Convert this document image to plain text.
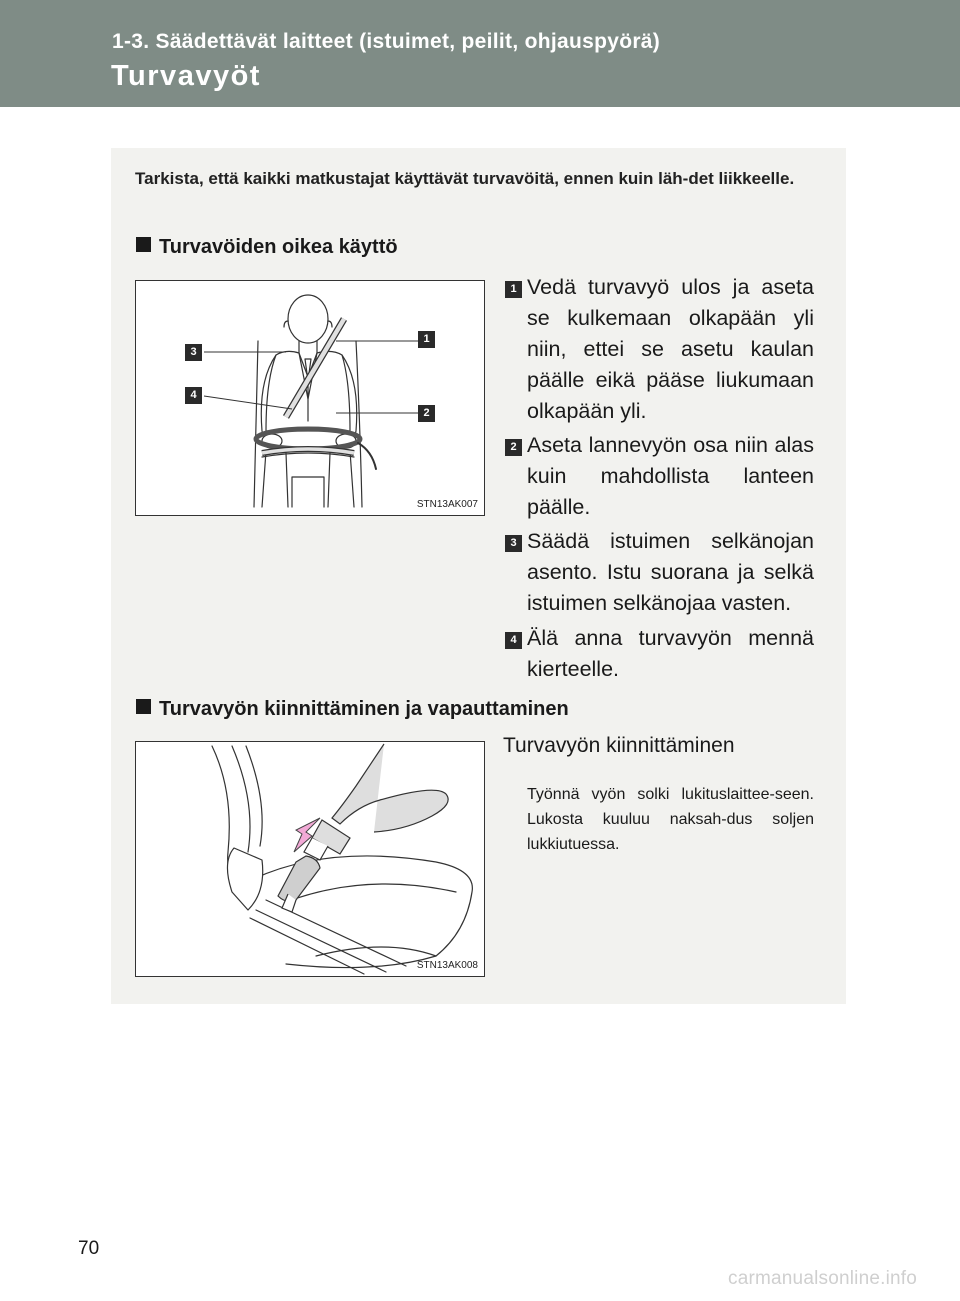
1-3. Säädettävät laitteet (istuimet, peilit, ohjauspyörä)
Turvavyöt
Tarkista, että kaikki matkustajat käyttävät turvavöitä, ennen kuin läh-det liikkeelle.
Turvavöiden oikea käyttö
3
4
1
2
STN13AK007
1 Vedä turvavyö ulos ja aseta se kulkemaan olkapään yli niin, ettei se asetu kaulan päälle eikä pääse liukumaan olkapään yli.
2 Aseta lannevyön osa niin alas kuin mahdollista lanteen päälle.
3 Säädä istuimen selkänojan asento. Istu suorana ja selkä istuimen selkänojaa vasten.
4 Älä anna turvavyön mennä kierteelle.
Turvavyön kiinnittäminen ja vapauttaminen
STN13AK008
Turvavyön kiinnittäminen
Työnnä vyön solki lukituslaittee-seen. Lukosta kuuluu naksah-dus soljen lukkiutuessa.
70
carmanualsonline.info
